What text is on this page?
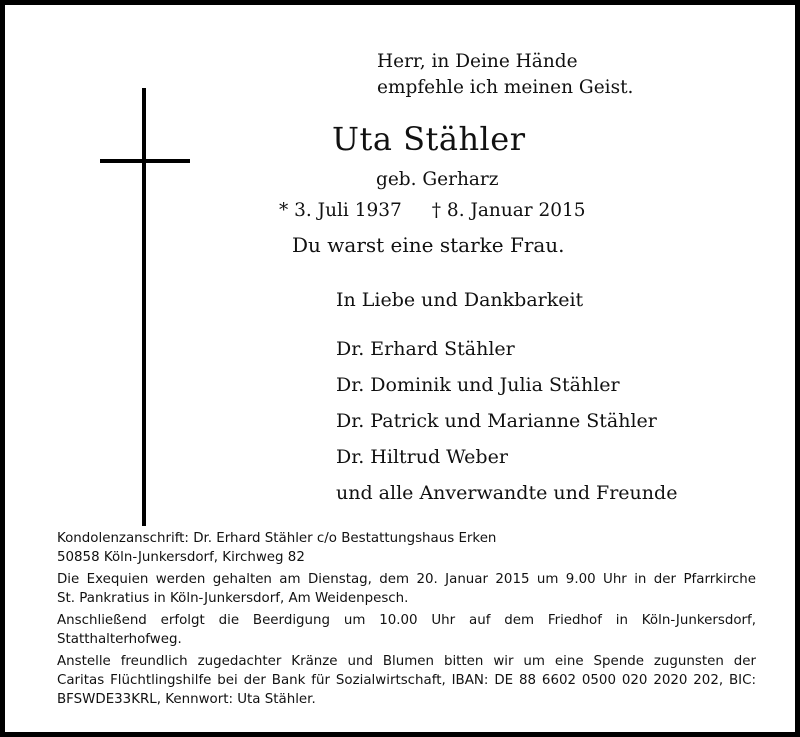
Herr, in Deine Hände
empfehle ich meinen Geist.
Uta Stähler
geb. Gerharz
* 3. Juli 1937 † 8. Januar 2015
Du warst eine starke Frau.
In Liebe und Dankbarkeit
Dr. Erhard Stähler
Dr. Dominik und Julia Stähler
Dr. Patrick und Marianne Stähler
Dr. Hiltrud Weber
und alle Anverwandte und Freunde

Kondolenzanschrift: Dr. Erhard Stähler c/o Bestattungshaus Erken
50858 Köln-Junkersdorf, Kirchweg 82

Die Exequien werden gehalten am Dienstag, dem 20. Januar 2015 um 9.00 Uhr in der Pfarrkirche
St. Pankratius in Köln-Junkersdorf, Am Weidenpesch.

Anschließend erfolgt die Beerdigung um 10.00 Uhr auf dem Friedhof in Köln-Junkersdorf,
Statthalterhofweg.

Anstelle freundlich zugedachter Kränze und Blumen bitten wir um eine Spende zugunsten der
Caritas Flüchtlingshilfe bei der Bank für Sozialwirtschaft, IBAN: DE 88 6602 0500 020 2020 202, BIC:
BFSWDE33KRL, Kennwort: Uta Stähler.
